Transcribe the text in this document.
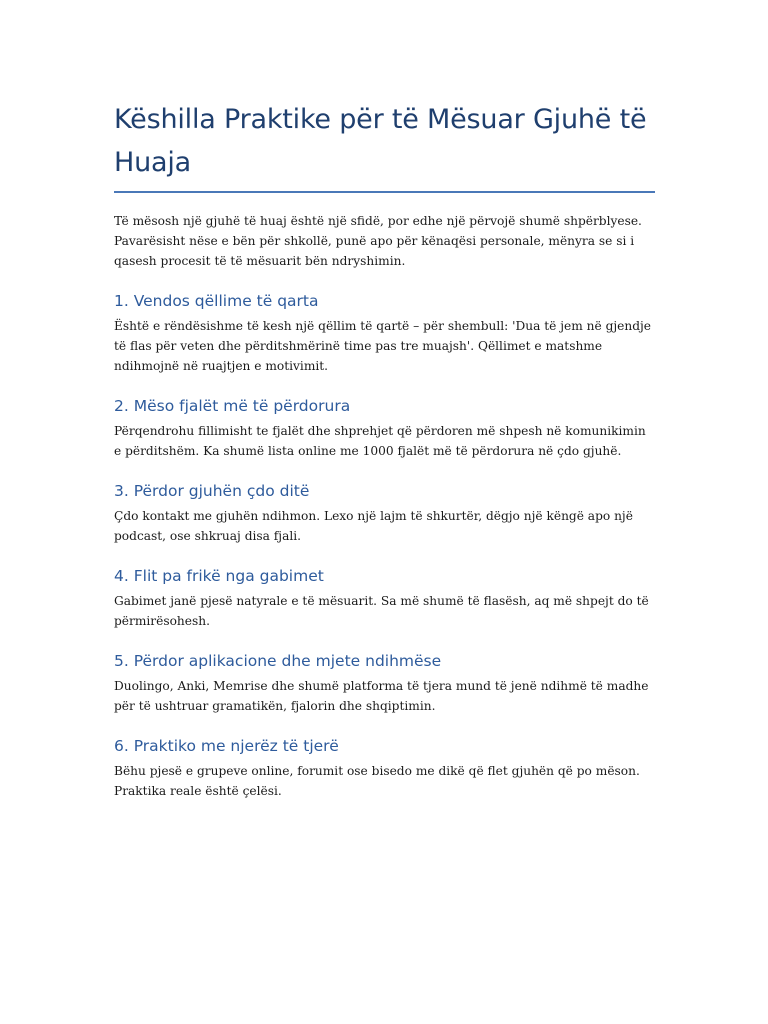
Këshilla Praktike për të Mësuar Gjuhë të Huaja

Të mësosh një gjuhë të huaj është një sfidë, por edhe një përvojë shumë shpërblyese. Pavarësisht nëse e bën për shkollë, punë apo për kënaqësi personale, mënyra se si i qasesh procesit të të mësuarit bën ndryshimin.

1. Vendos qëllime të qarta

Është e rëndësishme të kesh një qëllim të qartë – për shembull: 'Dua të jem në gjendje të flas për veten dhe përditshmërinë time pas tre muajsh'. Qëllimet e matshme ndihmojnë në ruajtjen e motivimit.

2. Mëso fjalët më të përdorura

Përqendrohu fillimisht te fjalët dhe shprehjet që përdoren më shpesh në komunikimin e përditshëm. Ka shumë lista online me 1000 fjalët më të përdorura në çdo gjuhë.

3. Përdor gjuhën çdo ditë

Çdo kontakt me gjuhën ndihmon. Lexo një lajm të shkurtër, dëgjo një këngë apo një podcast, ose shkruaj disa fjali.

4. Flit pa frikë nga gabimet

Gabimet janë pjesë natyrale e të mësuarit. Sa më shumë të flasësh, aq më shpejt do të përmirësohesh.

5. Përdor aplikacione dhe mjete ndihmëse

Duolingo, Anki, Memrise dhe shumë platforma të tjera mund të jenë ndihmë të madhe për të ushtruar gramatikën, fjalorin dhe shqiptimin.

6. Praktiko me njerëz të tjerë

Bëhu pjesë e grupeve online, forumit ose bisedo me dikë që flet gjuhën që po mëson. Praktika reale është çelësi.
